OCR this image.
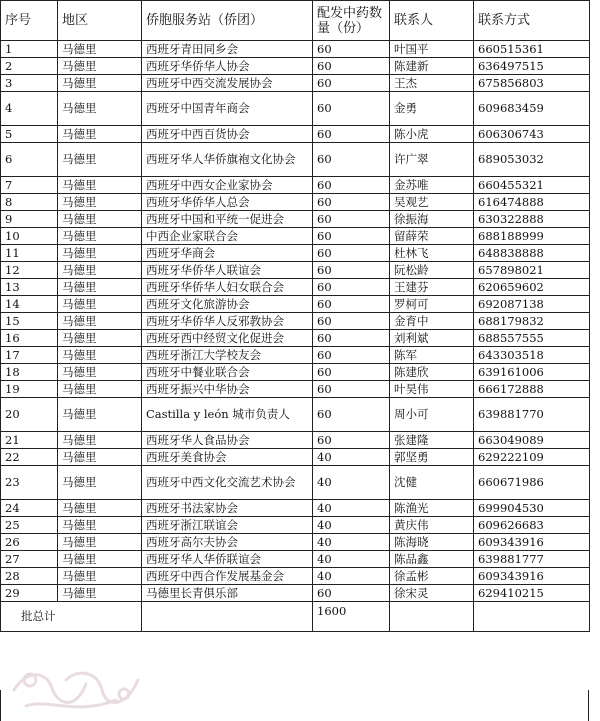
序号	地区	侨胞服务站（侨团）	配发中药数量（份）	联系人	联系方式
1	马德里	西班牙青田同乡会	60	叶国平	660515361
2	马德里	西班牙华侨华人协会	60	陈建新	636497515
3	马德里	西班牙中西交流发展协会	60	王杰	675856803
4	马德里	西班牙中国青年商会	60	金勇	609683459
5	马德里	西班牙中西百货协会	60	陈小虎	606306743
6	马德里	西班牙华人华侨旗袍文化协会	60	许广翠	689053032
7	马德里	西班牙中西女企业家协会	60	金苏唯	660455321
8	马德里	西班牙华侨华人总会	60	吴观艺	616474888
9	马德里	西班牙中国和平统一促进会	60	徐振海	630322888
10	马德里	中西企业家联合会	60	留薛荣	688188999
11	马德里	西班牙华商会	60	杜林飞	648838888
12	马德里	西班牙华侨华人联谊会	60	阮松龄	657898021
13	马德里	西班牙华侨华人妇女联合会	60	王建芬	620659602
14	马德里	西班牙文化旅游协会	60	罗柯可	692087138
15	马德里	西班牙华侨华人反邪教协会	60	金育中	688179832
16	马德里	西班牙西中经贸文化促进会	60	刘利斌	688557555
17	马德里	西班牙浙江大学校友会	60	陈军	643303518
18	马德里	西班牙中餐业联合会	60	陈建欣	639161006
19	马德里	西班牙振兴中华协会	60	叶昊伟	666172888
20	马德里	Castilla y león 城市负责人	60	周小可	639881770
21	马德里	西班牙华人食品协会	60	张建隆	663049089
22	马德里	西班牙美食协会	40	郭坚勇	629222109
23	马德里	西班牙中西文化交流艺术协会	40	沈健	660671986
24	马德里	西班牙书法家协会	40	陈渔光	699904530
25	马德里	西班牙浙江联谊会	40	黄庆伟	609626683
26	马德里	西班牙高尔夫协会	40	陈海晓	609343916
27	马德里	西班牙华人华侨联谊会	40	陈品鑫	639881777
28	马德里	西班牙中西合作发展基金会	40	徐孟彬	609343916
29	马德里	马德里长青俱乐部	60	徐宋灵	629410215
批总计			1600		
